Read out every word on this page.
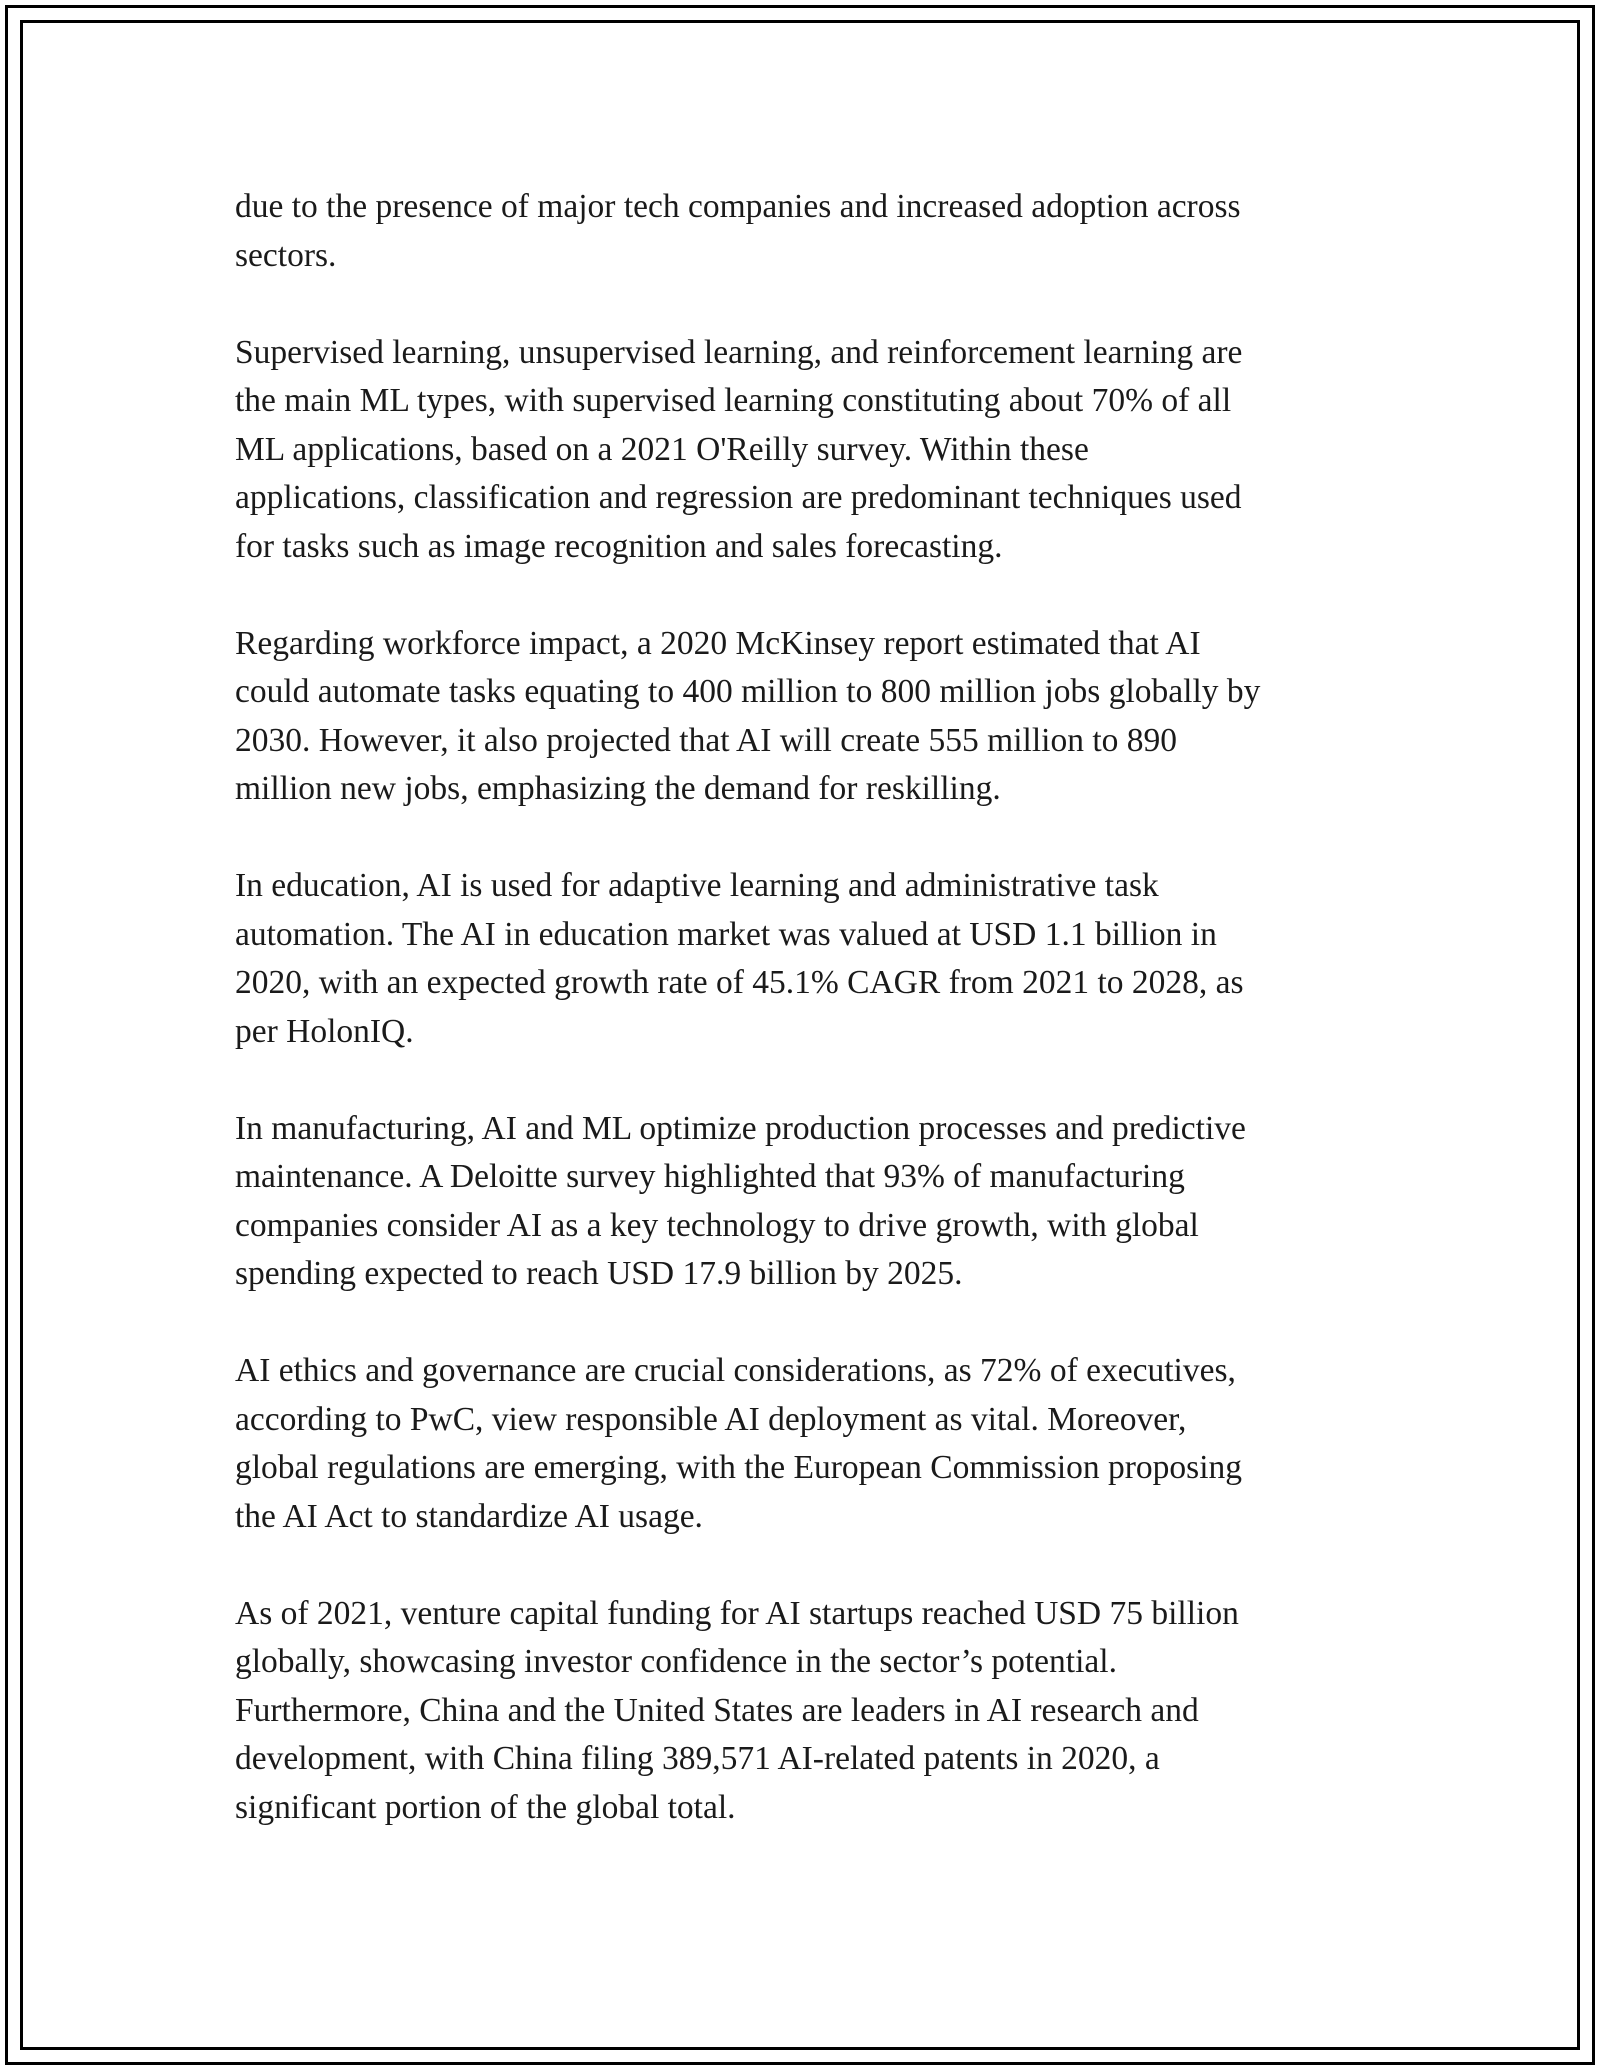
due to the presence of major tech companies and increased adoption across
sectors.

Supervised learning, unsupervised learning, and reinforcement learning are
the main ML types, with supervised learning constituting about 70% of all
ML applications, based on a 2021 O'Reilly survey. Within these
applications, classification and regression are predominant techniques used
for tasks such as image recognition and sales forecasting.

Regarding workforce impact, a 2020 McKinsey report estimated that AI
could automate tasks equating to 400 million to 800 million jobs globally by
2030. However, it also projected that AI will create 555 million to 890
million new jobs, emphasizing the demand for reskilling.

In education, AI is used for adaptive learning and administrative task
automation. The AI in education market was valued at USD 1.1 billion in
2020, with an expected growth rate of 45.1% CAGR from 2021 to 2028, as
per HolonIQ.

In manufacturing, AI and ML optimize production processes and predictive
maintenance. A Deloitte survey highlighted that 93% of manufacturing
companies consider AI as a key technology to drive growth, with global
spending expected to reach USD 17.9 billion by 2025.

AI ethics and governance are crucial considerations, as 72% of executives,
according to PwC, view responsible AI deployment as vital. Moreover,
global regulations are emerging, with the European Commission proposing
the AI Act to standardize AI usage.

As of 2021, venture capital funding for AI startups reached USD 75 billion
globally, showcasing investor confidence in the sector’s potential.
Furthermore, China and the United States are leaders in AI research and
development, with China filing 389,571 AI-related patents in 2020, a
significant portion of the global total.
